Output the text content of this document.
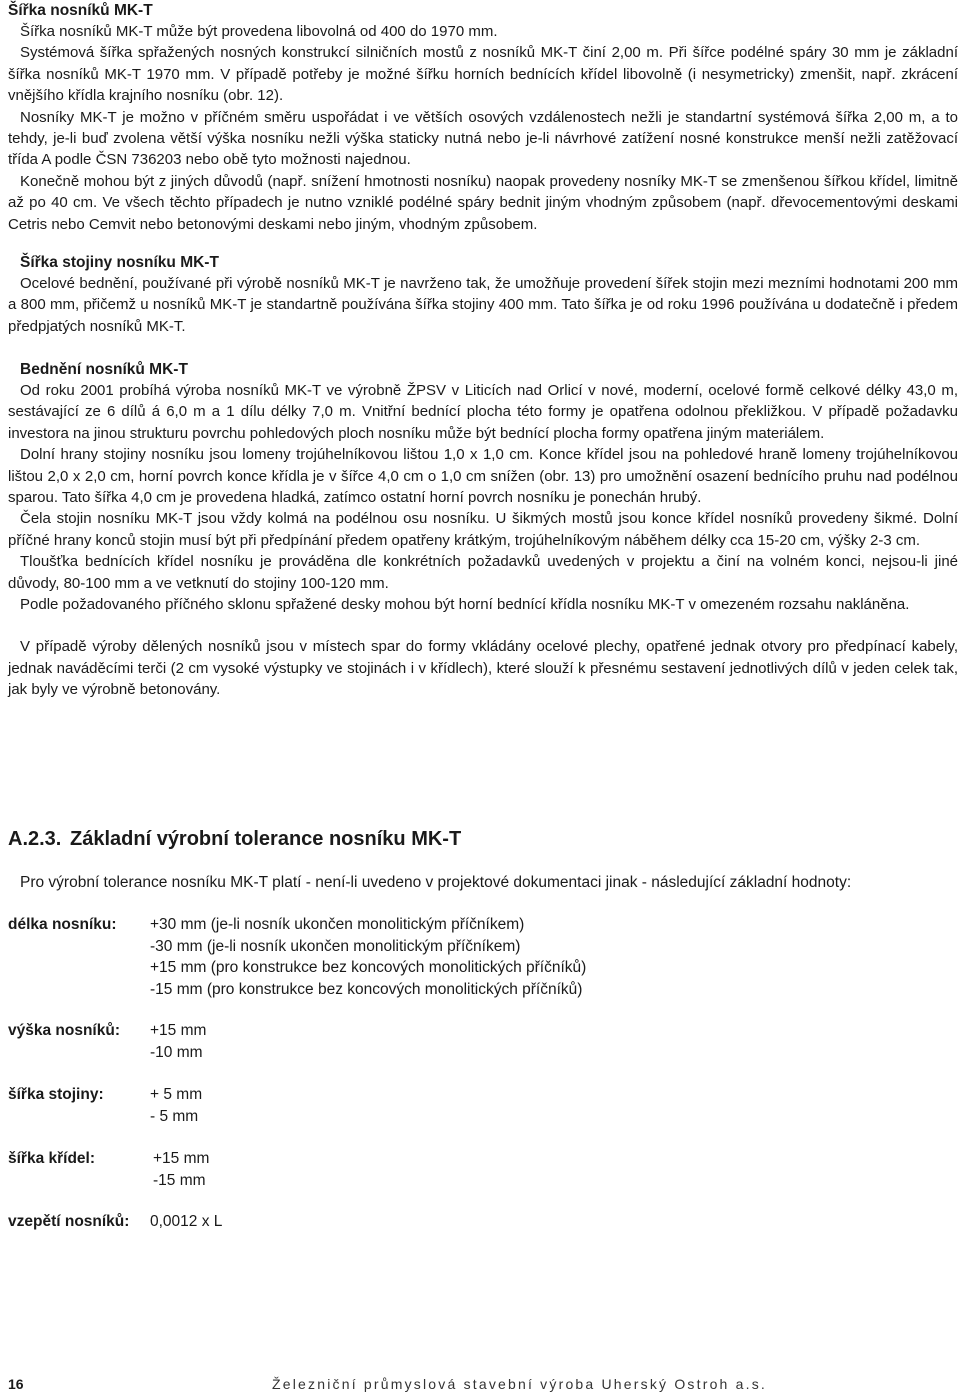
Šířka nosníků MK-T

Šířka nosníků MK-T může být provedena libovolná od 400 do 1970 mm.

Systémová šířka spřažených nosných konstrukcí silničních mostů z nosníků MK-T činí 2,00 m. Při šířce podélné spáry 30 mm je základní šířka nosníků MK-T 1970 mm. V případě potřeby je možné šířku horních bednících křídel libovolně (i nesymetricky) zmenšit, např. zkrácení vnějšího křídla krajního nosníku (obr. 12).

Nosníky MK-T je možno v příčném směru uspořádat i ve větších osových vzdálenostech nežli je standartní systémová šířka 2,00 m, a to tehdy, je-li buď zvolena větší výška nosníku nežli výška staticky nutná nebo je-li návrhové zatížení nosné konstrukce menší nežli zatěžovací třída A podle ČSN 736203 nebo obě tyto možnosti najednou.

Konečně mohou být z jiných důvodů (např. snížení hmotnosti nosníku) naopak provedeny nosníky MK-T se zmenšenou šířkou křídel, limitně až po 40 cm. Ve všech těchto případech je nutno vzniklé podélné spáry bednit jiným vhodným způsobem (např. dřevocementovými deskami Cetris nebo Cemvit nebo betonovými deskami nebo jiným, vhodným způsobem.

Šířka stojiny nosníku MK-T

Ocelové bednění, používané při výrobě nosníků MK-T je navrženo tak, že umožňuje provedení šířek stojin mezi mezními hodnotami 200 mm a 800 mm, přičemž u nosníků MK-T je standartně používána šířka stojiny 400 mm. Tato šířka je od roku 1996 používána u dodatečně i předem předpjatých nosníků MK-T.

Bednění nosníků MK-T

Od roku 2001 probíhá výroba nosníků MK-T ve výrobně ŽPSV v Liticích nad Orlicí v nové, moderní, ocelové formě celkové délky 43,0 m, sestávající ze 6 dílů á 6,0 m a 1 dílu délky 7,0 m. Vnitřní bednící plocha této formy je opatřena odolnou překližkou. V případě požadavku investora na jinou strukturu povrchu pohledových ploch nosníku může být bednící plocha formy opatřena jiným materiálem.

Dolní hrany stojiny nosníku jsou lomeny trojúhelníkovou lištou 1,0 x 1,0 cm. Konce křídel jsou na pohledové hraně lomeny trojúhelníkovou lištou 2,0 x 2,0 cm, horní povrch konce křídla je v šířce 4,0 cm o 1,0 cm snížen (obr. 13) pro umožnění osazení bednícího pruhu nad podélnou sparou. Tato šířka 4,0 cm je provedena hladká, zatímco ostatní horní povrch nosníku je ponechán hrubý.

Čela stojin nosníku MK-T jsou vždy kolmá na podélnou osu nosníku. U šikmých mostů jsou konce křídel nosníků provedeny šikmé. Dolní příčné hrany konců stojin musí být při předpínání předem opatřeny krátkým, trojúhelníkovým náběhem délky cca 15-20 cm, výšky 2-3 cm.

Tloušťka bednících křídel nosníku je prováděna dle konkrétních požadavků uvedených v projektu a činí na volném konci, nejsou-li jiné důvody, 80-100 mm a ve vetknutí do stojiny 100-120 mm.

Podle požadovaného příčného sklonu spřažené desky mohou být horní bednící křídla nosníku MK-T v omezeném rozsahu nakláněna.

V případě výroby dělených nosníků jsou v místech spar do formy vkládány ocelové plechy, opatřené jednak otvory pro předpínací kabely, jednak naváděcími terči (2 cm vysoké výstupky ve stojinách i v křídlech), které slouží k přesnému sestavení jednotlivých dílů v jeden celek tak, jak byly ve výrobně betonovány.

A.2.3. Základní výrobní tolerance nosníku MK-T
Pro výrobní tolerance nosníku MK-T platí - není-li uvedeno v projektové dokumentaci jinak - následující základní hodnoty:
délka nosníku: +30 mm (je-li nosník ukončen monolitickým příčníkem)
-30 mm (je-li nosník ukončen monolitickým příčníkem)
+15 mm (pro konstrukce bez koncových monolitických příčníků)
-15 mm (pro konstrukce bez koncových monolitických příčníků)
výška nosníků: +15 mm
-10 mm
šířka stojiny:	+ 5 mm
- 5 mm
šířka křídel:	+15 mm
-15 mm
vzepětí nosníků: 0,0012 x L
16	Železniční průmyslová stavební výroba Uherský Ostroh a.s.
